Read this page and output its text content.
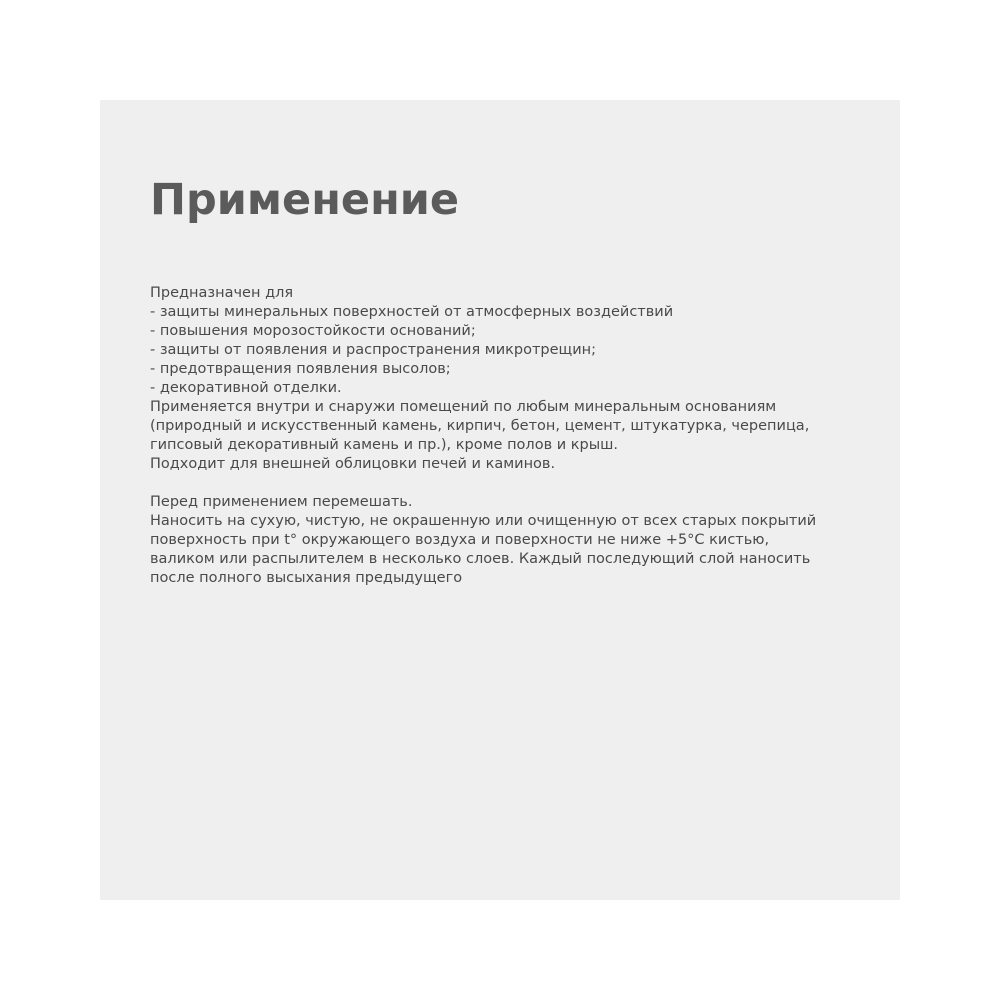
Применение
Предназначен для
- защиты минеральных поверхностей от атмосферных воздействий
- повышения морозостойкости оснований;
- защиты от появления и распространения микротрещин;
- предотвращения появления высолов;
- декоративной отделки.
Применяется внутри и снаружи помещений по любым минеральным основаниям
(природный и искусственный камень, кирпич, бетон, цемент, штукатурка, черепица,
гипсовый декоративный камень и пр.), кроме полов и крыш.
Подходит для внешней облицовки печей и каминов.
Перед применением перемешать.
Наносить на сухую, чистую, не окрашенную или очищенную от всех старых покрытий
поверхность при t° окружающего воздуха и поверхности не ниже +5°С кистью,
валиком или распылителем в несколько слоев. Каждый последующий слой наносить
после полного высыхания предыдущего
